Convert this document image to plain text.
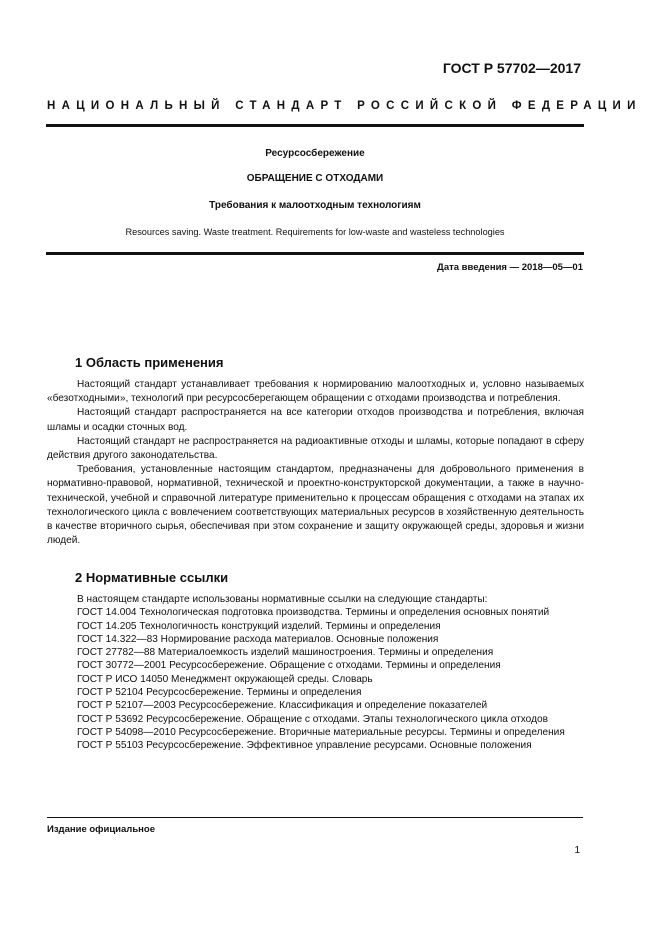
ГОСТ Р 57702—2017
НАЦИОНАЛЬНЫЙ СТАНДАРТ РОССИЙСКОЙ ФЕДЕРАЦИИ
Ресурсосбережение
ОБРАЩЕНИЕ С ОТХОДАМИ
Требования к малоотходным технологиям
Resources saving. Waste treatment. Requirements for low-waste and wasteless technologies
Дата введения — 2018—05—01
1 Область применения

Настоящий стандарт устанавливает требования к нормированию малоотходных и, условно называемых «безотходными», технологий при ресурсосберегающем обращении с отходами производства и потребления.

Настоящий стандарт распространяется на все категории отходов производства и потребления, включая шламы и осадки сточных вод.

Настоящий стандарт не распространяется на радиоактивные отходы и шламы, которые попадают в сферу действия другого законодательства.

Требования, установленные настоящим стандартом, предназначены для добровольного применения в нормативно-правовой, нормативной, технической и проектно-конструкторской документации, а также в научно-технической, учебной и справочной литературе применительно к процессам обращения с отходами на этапах их технологического цикла с вовлечением соответствующих материальных ресурсов в хозяйственную деятельность в качестве вторичного сырья, обеспечивая при этом сохранение и защиту окружающей среды, здоровья и жизни людей.

2 Нормативные ссылки

В настоящем стандарте использованы нормативные ссылки на следующие стандарты:

ГОСТ 14.004 Технологическая подготовка производства. Термины и определения основных понятий

ГОСТ 14.205 Технологичность конструкций изделий. Термины и определения

ГОСТ 14.322—83 Нормирование расхода материалов. Основные положения

ГОСТ 27782—88 Материалоемкость изделий машиностроения. Термины и определения

ГОСТ 30772—2001 Ресурсосбережение. Обращение с отходами. Термины и определения

ГОСТ Р ИСО 14050 Менеджмент окружающей среды. Словарь

ГОСТ Р 52104 Ресурсосбережение. Термины и определения

ГОСТ Р 52107—2003 Ресурсосбережение. Классификация и определение показателей

ГОСТ Р 53692 Ресурсосбережение. Обращение с отходами. Этапы технологического цикла отходов

ГОСТ Р 54098—2010 Ресурсосбережение. Вторичные материальные ресурсы. Термины и определения

ГОСТ Р 55103 Ресурсосбережение. Эффективное управление ресурсами. Основные положения

Издание официальное
1
